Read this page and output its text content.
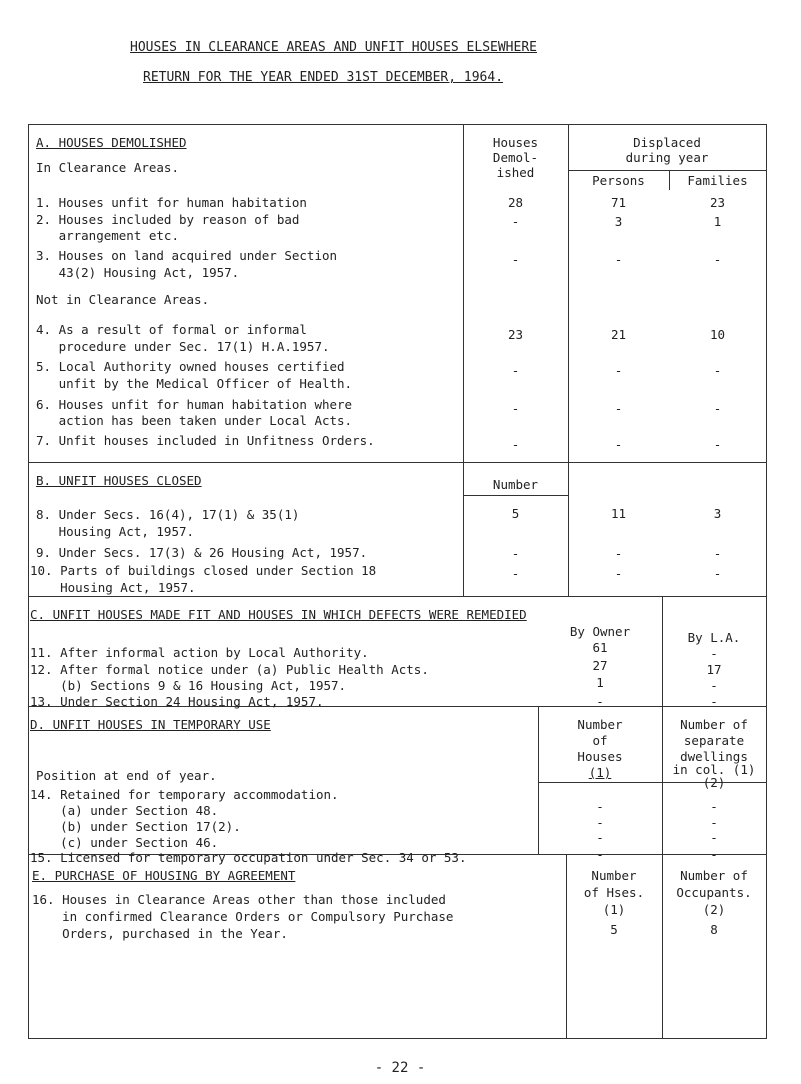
HOUSES IN CLEARANCE AREAS AND UNFIT HOUSES ELSEWHERE
RETURN FOR THE YEAR ENDED 31ST DECEMBER, 1964.
A. HOUSES DEMOLISHED
In Clearance Areas.
Houses
Demol-
ished
Displaced
during year
Persons	Families
1. Houses unfit for human habitation	28	71	23
2. Houses included by reason of bad
arrangement etc.
-	3	1
3. Houses on land acquired under Section
43(2) Housing Act, 1957.
-	-	-
Not in Clearance Areas.
4. As a result of formal or informal
procedure under Sec. 17(1) H.A.1957.
23	21	10
5. Local Authority owned houses certified
unfit by the Medical Officer of Health.
-	-	-
6. Houses unfit for human habitation where
action has been taken under Local Acts.
-	-	-
7. Unfit houses included in Unfitness Orders.	-	-	-
B. UNFIT HOUSES CLOSED	Number
8. Under Secs. 16(4), 17(1) & 35(1)
Housing Act, 1957.
5	11	3
9. Under Secs. 17(3) & 26 Housing Act, 1957.	-	-	-
10. Parts of buildings closed under Section 18
Housing Act, 1957.
-	-	-
C. UNFIT HOUSES MADE FIT AND HOUSES IN WHICH DEFECTS WERE REMEDIED
By Owner	By L.A.
11. After informal action by Local Authority.	61	-
12. After formal notice under (a) Public Health Acts.	27	17
(b) Sections 9 & 16 Housing Act, 1957.	1	-
13. Under Section 24 Housing Act, 1957.	-	-
D. UNFIT HOUSES IN TEMPORARY USE	Number
of
Houses
(1)
Number of
separate
dwellings
in col. (1)
(2)
Position at end of year.
14. Retained for temporary accommodation.
(a) under Section 48.	-	-
(b) under Section 17(2).	-	-
(c) under Section 46.	-	-
15. Licensed for temporary occupation under Sec. 34 or 53.	-	-
E. PURCHASE OF HOUSING BY AGREEMENT	Number
of Hses.
(1)
Number of
Occupants.
(2)
16. Houses in Clearance Areas other than those included
in confirmed Clearance Orders or Compulsory Purchase
Orders, purchased in the Year.	5	8
- 22 -
